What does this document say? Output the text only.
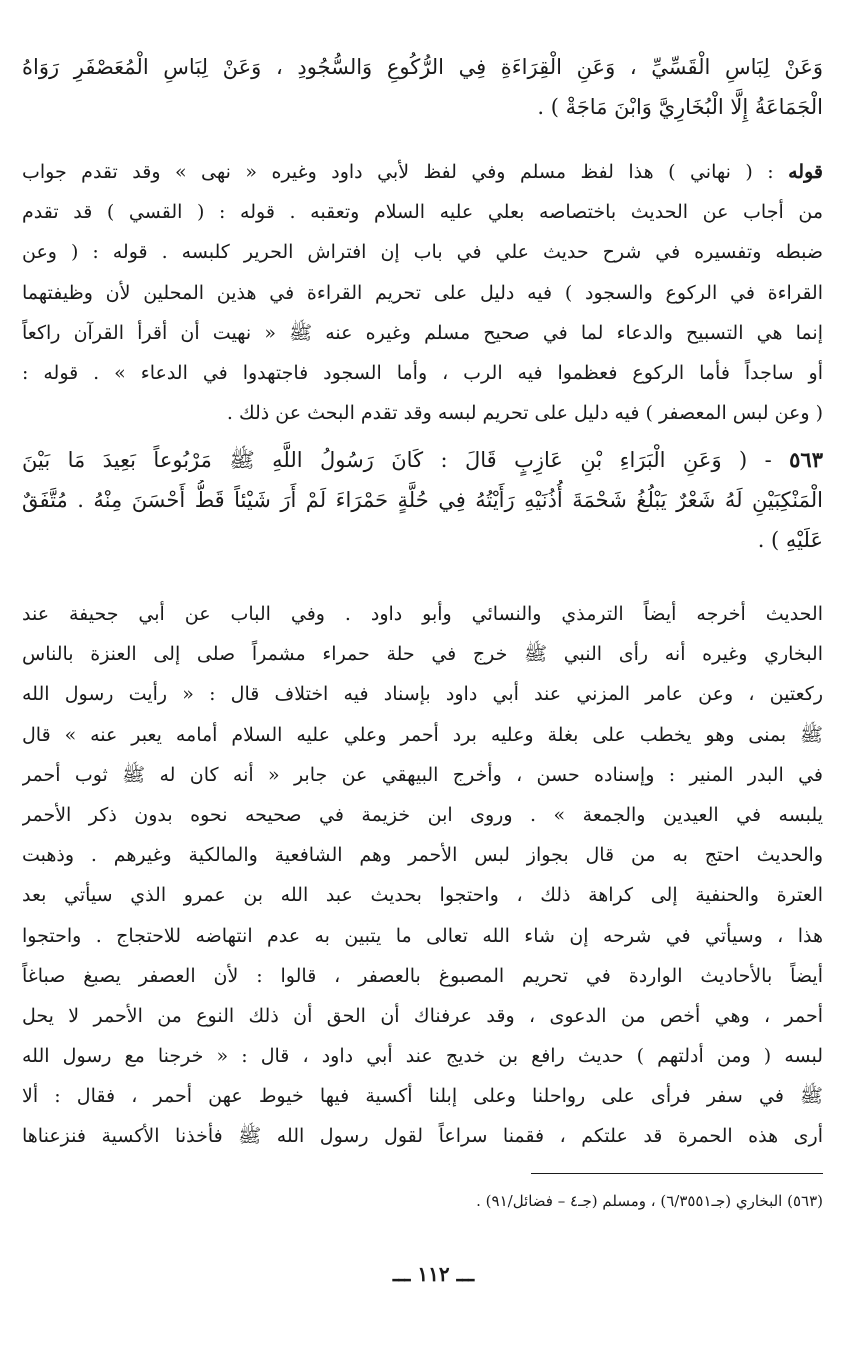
وَعَنْ لِبَاسِ الْقَسِّيِّ ، وَعَنِ الْقِرَاءَةِ فِي الرُّكُوعِ وَالسُّجُودِ ، وَعَنْ لِبَاسِ الْمُعَصْفَرِ رَوَاهُ
الْجَمَاعَةُ إِلَّا الْبُخَارِيَّ وَابْنَ مَاجَةْ ) .
قوله : ( نهاني ) هذا لفظ مسلم وفي لفظ لأبي داود وغيره « نهى » وقد تقدم جواب
من أجاب عن الحديث باختصاصه بعلي عليه السلام وتعقبه . قوله : ( القسي ) قد تقدم
ضبطه وتفسيره في شرح حديث علي في باب إن افتراش الحرير كلبسه . قوله : ( وعن
القراءة في الركوع والسجود ) فيه دليل على تحريم القراءة في هذين المحلين لأن وظيفتهما
إنما هي التسبيح والدعاء لما في صحيح مسلم وغيره عنه ﷺ « نهيت أن أقرأ القرآن راكعاً
أو ساجداً فأما الركوع فعظموا فيه الرب ، وأما السجود فاجتهدوا في الدعاء » . قوله :
( وعن لبس المعصفر ) فيه دليل على تحريم لبسه وقد تقدم البحث عن ذلك .
٥٦٣ - ( وَعَنِ الْبَرَاءِ بْنِ عَازِبٍ قَالَ : كَانَ رَسُولُ اللَّهِ ﷺ مَرْبُوعاً بَعِيدَ مَا بَيْنَ
الْمَنْكِبَيْنِ لَهُ شَعْرٌ يَبْلُغُ شَحْمَةَ أُذُنَيْهِ رَأَيْتُهُ فِي حُلَّةٍ حَمْرَاءَ لَمْ أَرَ شَيْئاً قَطُّ أَحْسَنَ مِنْهُ . مُتَّفَقٌ
عَلَيْهِ ) .
الحديث أخرجه أيضاً الترمذي والنسائي وأبو داود . وفي الباب عن أبي جحيفة عند
البخاري وغيره أنه رأى النبي ﷺ خرج في حلة حمراء مشمراً صلى إلى العنزة بالناس
ركعتين ، وعن عامر المزني عند أبي داود بإسناد فيه اختلاف قال : « رأيت رسول الله
ﷺ بمنى وهو يخطب على بغلة وعليه برد أحمر وعلي عليه السلام أمامه يعبر عنه » قال
في البدر المنير : وإسناده حسن ، وأخرج البيهقي عن جابر « أنه كان له ﷺ ثوب أحمر
يلبسه في العيدين والجمعة » . وروى ابن خزيمة في صحيحه نحوه بدون ذكر الأحمر
والحديث احتج به من قال بجواز لبس الأحمر وهم الشافعية والمالكية وغيرهم . وذهبت
العترة والحنفية إلى كراهة ذلك ، واحتجوا بحديث عبد الله بن عمرو الذي سيأتي بعد
هذا ، وسيأتي في شرحه إن شاء الله تعالى ما يتبين به عدم انتهاضه للاحتجاج . واحتجوا
أيضاً بالأحاديث الواردة في تحريم المصبوغ بالعصفر ، قالوا : لأن العصفر يصبغ صباغاً
أحمر ، وهي أخص من الدعوى ، وقد عرفناك أن الحق أن ذلك النوع من الأحمر لا يحل
لبسه ( ومن أدلتهم ) حديث رافع بن خديج عند أبي داود ، قال : « خرجنا مع رسول الله
ﷺ في سفر فرأى على رواحلنا وعلى إبلنا أكسية فيها خيوط عهن أحمر ، فقال : ألا
أرى هذه الحمرة قد علتكم ، فقمنا سراعاً لقول رسول الله ﷺ فأخذنا الأكسية فنزعناها
(٥٦٣) البخاري (جـ٦/٣٥٥١) ، ومسلم (جـ٤ – فضائل/٩١) .
ـــ ١١٢ ـــ
